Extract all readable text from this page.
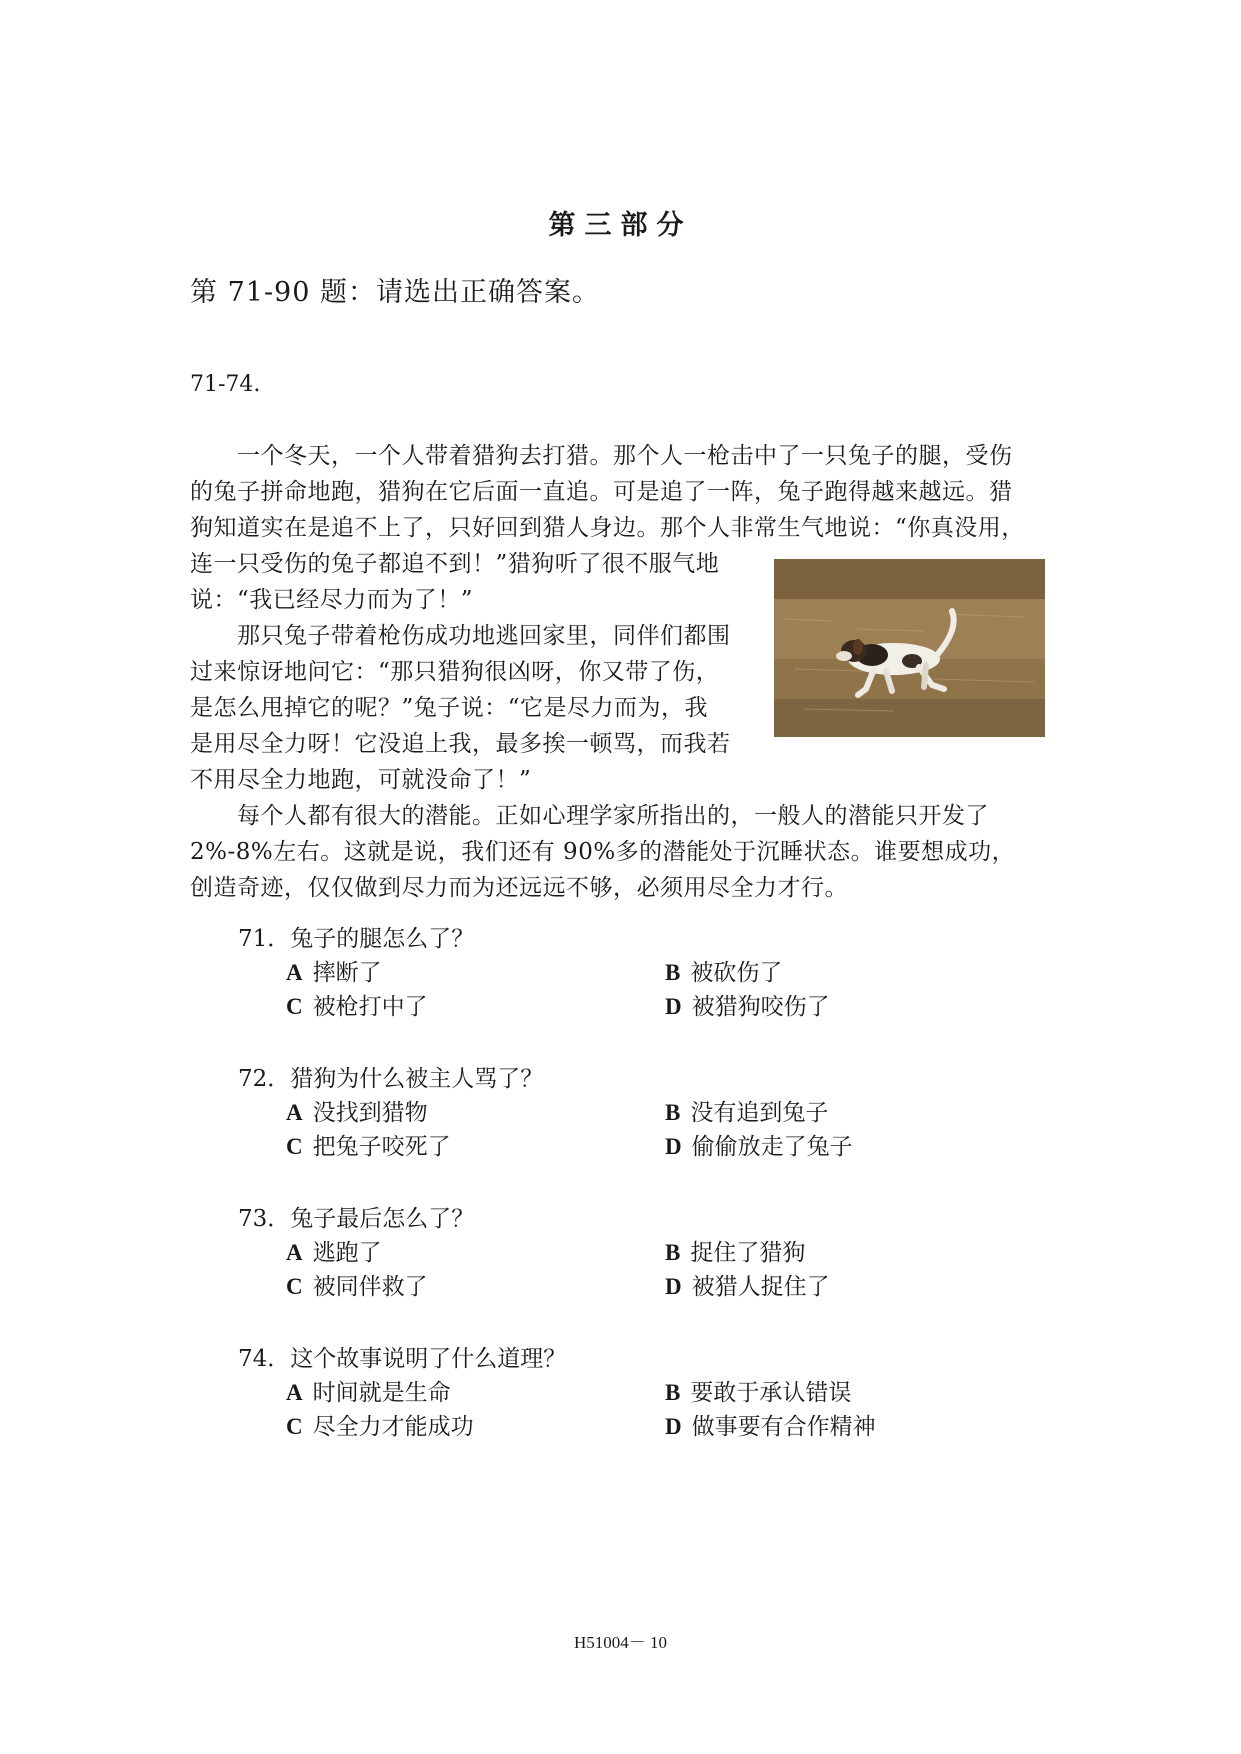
第三部分
第 71-90 题：请选出正确答案。
71-74.
　　一个冬天，一个人带着猎狗去打猎。那个人一枪击中了一只兔子的腿，受伤
的兔子拼命地跑，猎狗在它后面一直追。可是追了一阵，兔子跑得越来越远。猎
狗知道实在是追不上了，只好回到猎人身边。那个人非常生气地说：“你真没用，
连一只受伤的兔子都追不到！”猎狗听了很不服气地
说：“我已经尽力而为了！”
　　那只兔子带着枪伤成功地逃回家里，同伴们都围
过来惊讶地问它：“那只猎狗很凶呀，你又带了伤，
是怎么甩掉它的呢？”兔子说：“它是尽力而为，我
是用尽全力呀！它没追上我，最多挨一顿骂，而我若
不用尽全力地跑，可就没命了！”
　　每个人都有很大的潜能。正如心理学家所指出的，一般人的潜能只开发了
2%-8%左右。这就是说，我们还有 90%多的潜能处于沉睡状态。谁要想成功，
创造奇迹，仅仅做到尽力而为还远远不够，必须用尽全力才行。
71．兔子的腿怎么了？
A 摔断了	B 被砍伤了
C 被枪打中了	D 被猎狗咬伤了
72．猎狗为什么被主人骂了？
A 没找到猎物	B 没有追到兔子
C 把兔子咬死了	D 偷偷放走了兔子
73．兔子最后怎么了？
A 逃跑了	B 捉住了猎狗
C 被同伴救了	D 被猎人捉住了
74．这个故事说明了什么道理？
A 时间就是生命	B 要敢于承认错误
C 尽全力才能成功	D 做事要有合作精神
H51004－ 10
